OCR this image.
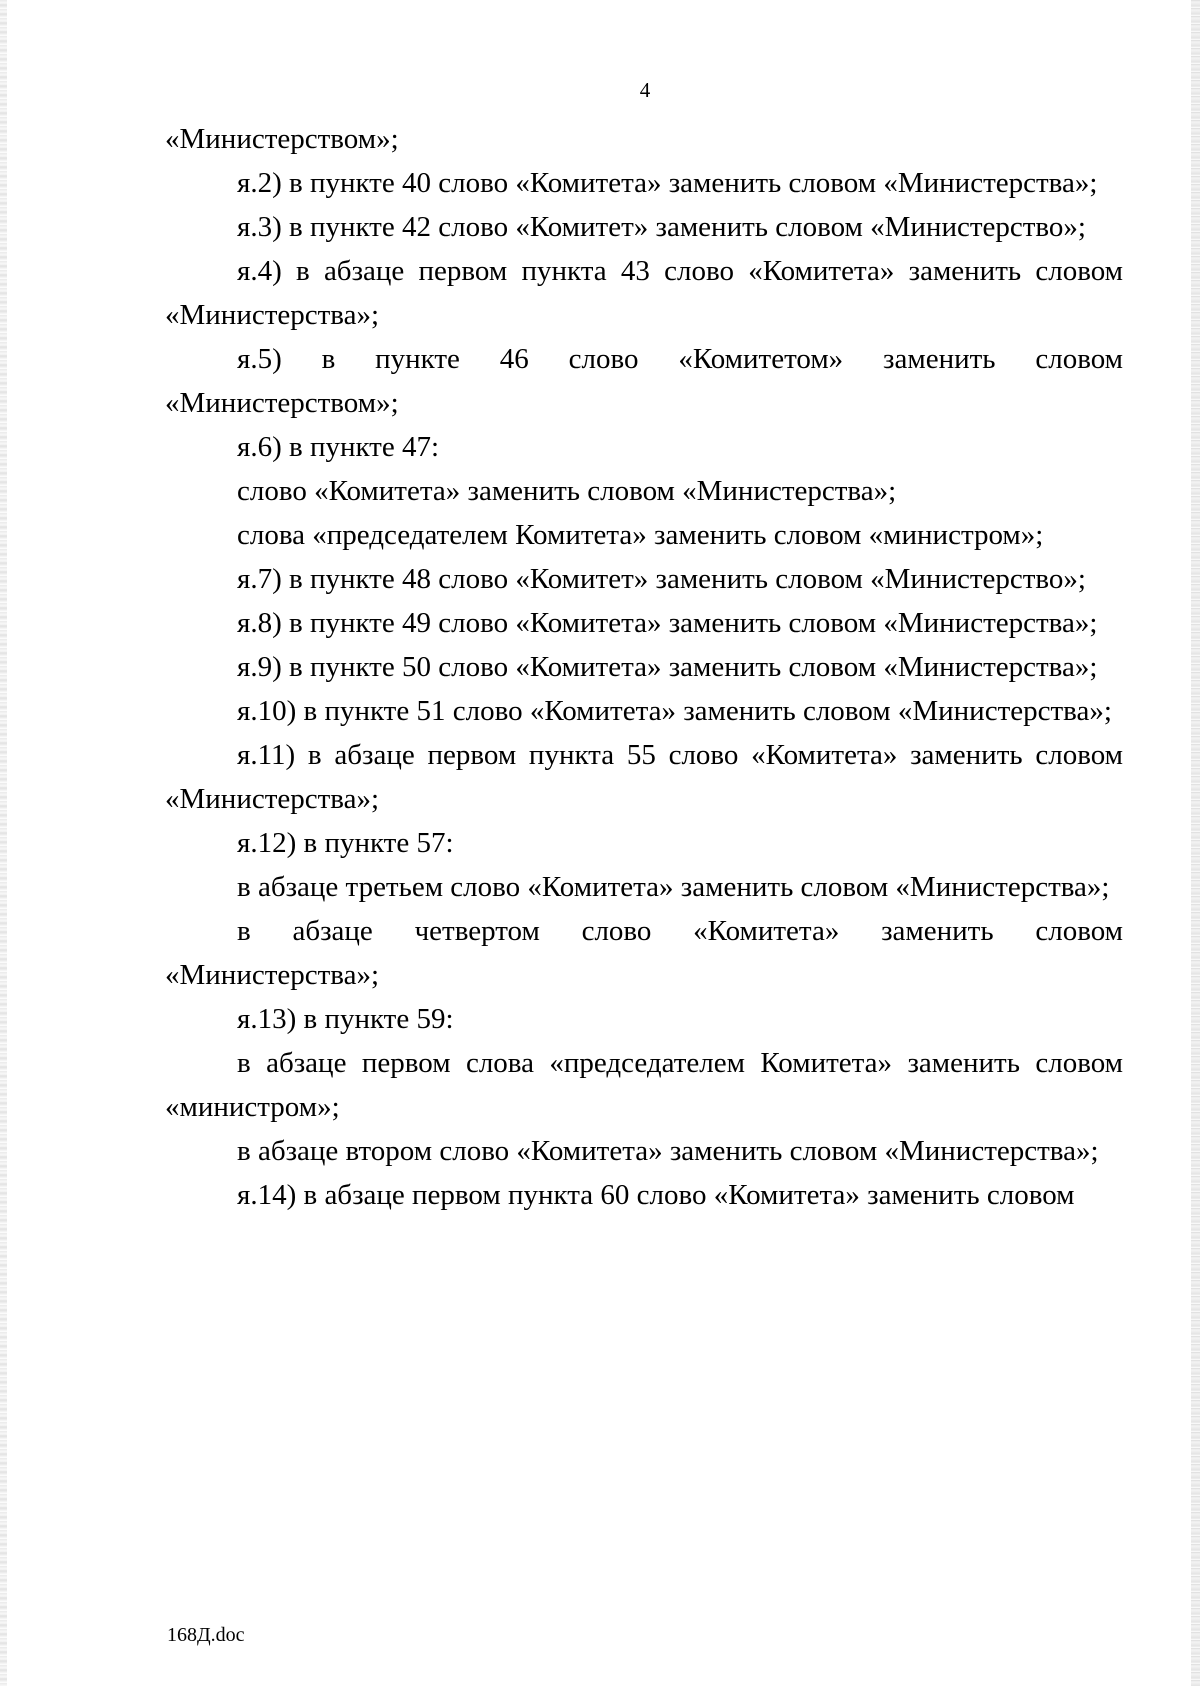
4

«Министерством»;

я.2) в пункте 40 слово «Комитета» заменить словом «Министерства»;

я.3) в пункте 42 слово «Комитет» заменить словом «Министерство»;

я.4) в абзаце первом пункта 43 слово «Комитета» заменить словом «Министерства»;

я.5) в пункте 46 слово «Комитетом» заменить словом «Министерством»;

я.6) в пункте 47:

слово «Комитета» заменить словом «Министерства»;

слова «председателем Комитета» заменить словом «министром»;

я.7) в пункте 48 слово «Комитет» заменить словом «Министерство»;

я.8) в пункте 49 слово «Комитета» заменить словом «Министерства»;

я.9) в пункте 50 слово «Комитета» заменить словом «Министерства»;

я.10) в пункте 51 слово «Комитета» заменить словом «Министерства»;

я.11) в абзаце первом пункта 55 слово «Комитета» заменить словом «Министерства»;

я.12) в пункте 57:

в абзаце третьем слово «Комитета» заменить словом «Министерства»;

в абзаце четвертом слово «Комитета» заменить словом «Министерства»;

я.13) в пункте 59:

в абзаце первом слова «председателем Комитета» заменить словом «министром»;

в абзаце втором слово «Комитета» заменить словом «Министерства»;

я.14) в абзаце первом пункта 60 слово «Комитета» заменить словом

168Д.doc
